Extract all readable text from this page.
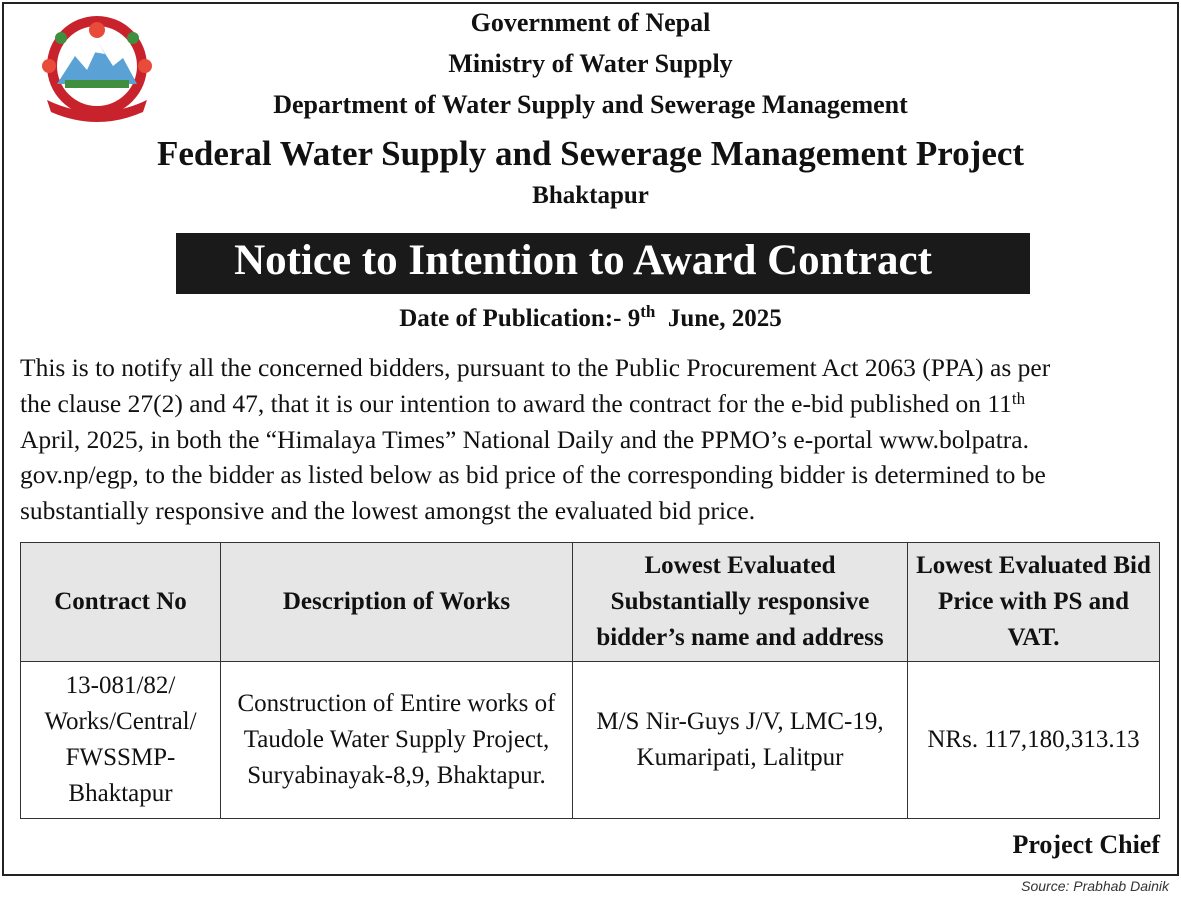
Government of Nepal
Ministry of Water Supply
Department of Water Supply and Sewerage Management
Federal Water Supply and Sewerage Management Project
Bhaktapur
Notice to Intention to Award Contract
Date of Publication:- 9th June, 2025

This is to notify all the concerned bidders, pursuant to the Public Procurement Act 2063 (PPA) as per
the clause 27(2) and 47, that it is our intention to award the contract for the e-bid published on 11th
April, 2025, in both the “Himalaya Times” National Daily and the PPMO’s e-portal www.bolpatra.
gov.np/egp, to the bidder as listed below as bid price of the corresponding bidder is determined to be
substantially responsive and the lowest amongst the evaluated bid price.

Contract No	Description of Works	Lowest Evaluated Substantially responsive bidder’s name and address	Lowest Evaluated Bid Price with PS and VAT.
13-081/82/ Works/Central/ FWSSMP- Bhaktapur	Construction of Entire works of Taudole Water Supply Project, Suryabinayak-8,9, Bhaktapur.	M/S Nir-Guys J/V, LMC-19, Kumaripati, Lalitpur	NRs. 117,180,313.13
Project Chief
Source: Prabhab Dainik
